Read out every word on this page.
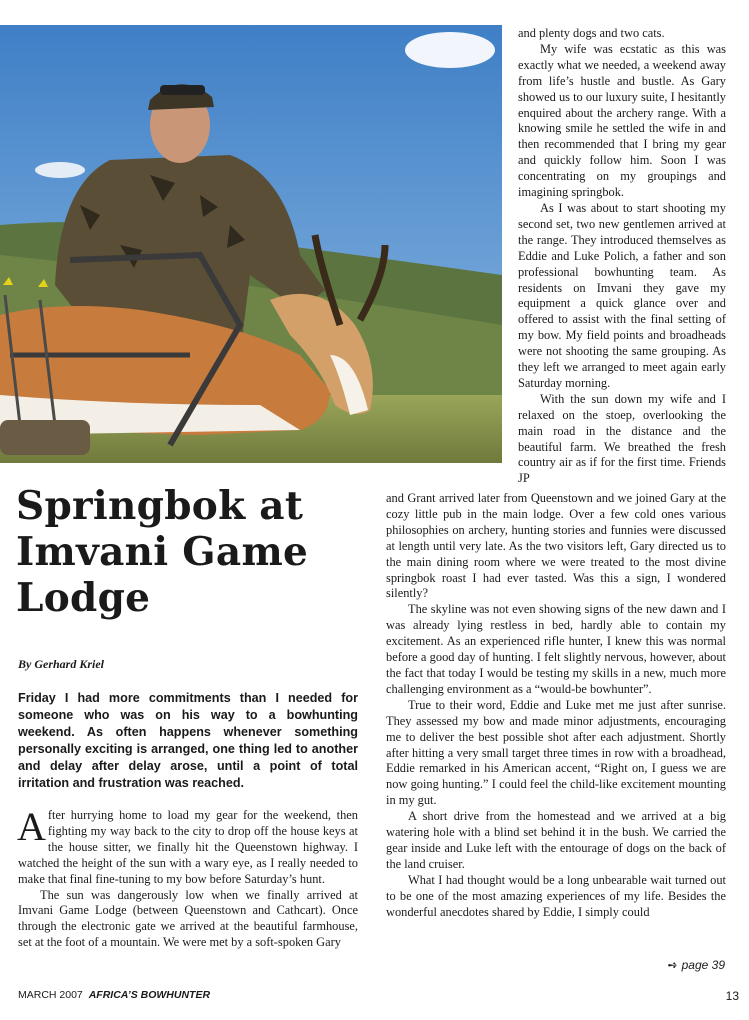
and plenty dogs and two cats.

My wife was ecstatic as this was exactly what we needed, a weekend away from life’s hustle and bustle. As Gary showed us to our luxury suite, I hesitantly enquired about the archery range. With a knowing smile he settled the wife in and then recommended that I bring my gear and quickly follow him. Soon I was concentrating on my groupings and imagining springbok.

As I was about to start shooting my second set, two new gentlemen arrived at the range. They introduced themselves as Eddie and Luke Polich, a father and son professional bowhunting team. As residents on Imvani they gave my equipment a quick glance over and offered to assist with the final setting of my bow. My field points and broadheads were not shooting the same grouping. As they left we arranged to meet again early Saturday morning.

With the sun down my wife and I relaxed on the stoep, overlooking the main road in the distance and the beautiful farm. We breathed the fresh country air as if for the first time. Friends JP

Springbok at Imvani Game Lodge
By Gerhard Kriel

Friday I had more commitments than I needed for someone who was on his way to a bowhunting weekend. As often happens whenever something personally exciting is arranged, one thing led to another and delay after delay arose, until a point of total irritation and frustration was reached.

After hurrying home to load my gear for the weekend, then fighting my way back to the city to drop off the house keys at the house sitter, we finally hit the Queenstown highway. I watched the height of the sun with a wary eye, as I really needed to make that final fine-tuning to my bow before Saturday’s hunt.

The sun was dangerously low when we finally arrived at Imvani Game Lodge (between Queenstown and Cathcart). Once through the electronic gate we arrived at the beautiful farmhouse, set at the foot of a mountain. We were met by a soft-spoken Gary

and Grant arrived later from Queenstown and we joined Gary at the cozy little pub in the main lodge. Over a few cold ones various philosophies on archery, hunting stories and funnies were discussed at length until very late. As the two visitors left, Gary directed us to the main dining room where we were treated to the most divine springbok roast I had ever tasted. Was this a sign, I wondered silently?

The skyline was not even showing signs of the new dawn and I was already lying restless in bed, hardly able to contain my excitement. As an experienced rifle hunter, I knew this was normal before a good day of hunting. I felt slightly nervous, however, about the fact that today I would be testing my skills in a new, much more challenging environment as a “would-be bowhunter”.

True to their word, Eddie and Luke met me just after sunrise. They assessed my bow and made minor adjustments, encouraging me to deliver the best possible shot after each adjustment. Shortly after hitting a very small target three times in row with a broadhead, Eddie remarked in his American accent, “Right on, I guess we are now going hunting.” I could feel the child-like excitement mounting in my gut.

A short drive from the homestead and we arrived at a big watering hole with a blind set behind it in the bush. We carried the gear inside and Luke left with the entourage of dogs on the back of the land cruiser.

What I had thought would be a long unbearable wait turned out to be one of the most amazing experiences of my life. Besides the wonderful anecdotes shared by Eddie, I simply could

➺ page 39
MARCH 2007 AFRICA’S BOWHUNTER	13
